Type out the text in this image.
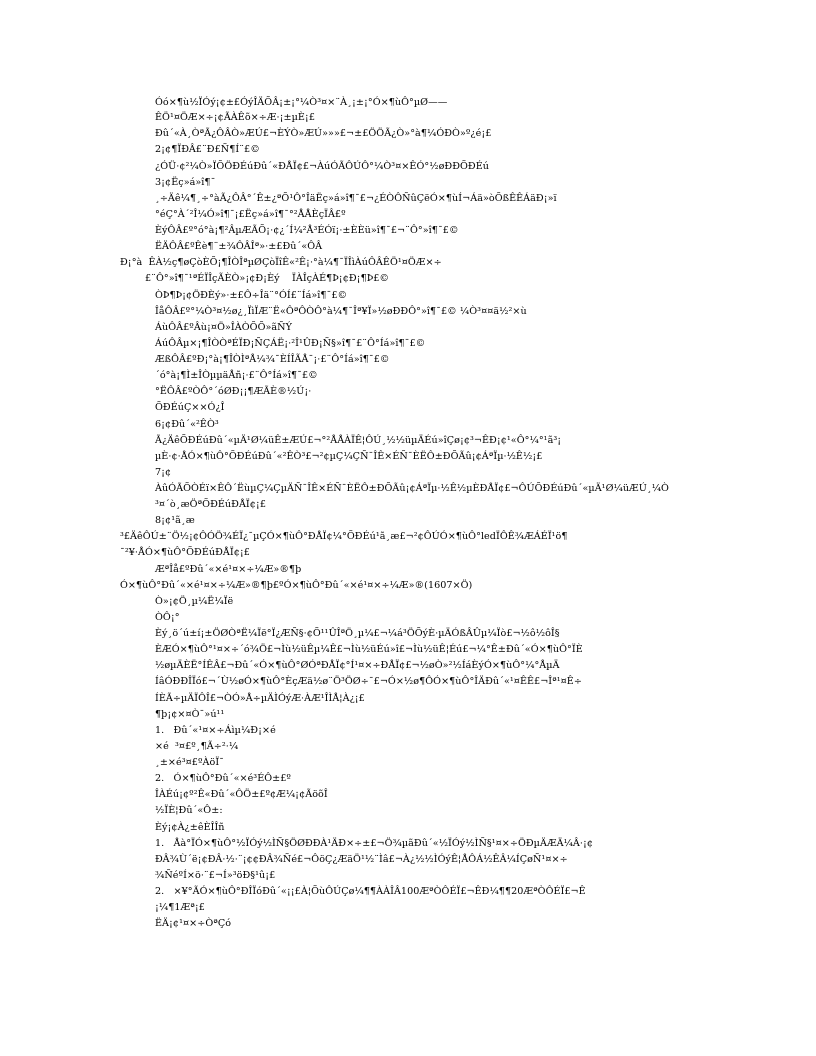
Óó×¶ù½ÏÓý¡¢±£ÓýÎÄÕÂ¡±¡°¼Ò³¤×¨À¸¡±¡°Ó×¶ùÔ°µØ——

ÊÖ¹¤ÖÆ×÷¡¢ÃÀÊõ×÷Æ·¡±µÈ¡£

Ðû´«À¸ÒªÃ¿ÔÂÒ»ÆÚ£¬ÈÝÒ»ÆÚ»»»£¬±£ÖÖÃ¿Ò»°à¶¼ÓÐÒ»º¿é¡£

2¡¢¶ÏÐÂ£¨Ð£Ñ¶Í¨£©

¿ÓÜ·¢²¼Ò»ÏÕÖÐÉúÐû´«ÐÅÏ¢£¬ÀúÓÃÔÚÔ°¼Ò³¤×ÊÓ°½øÐÐÕÐÉú

3¡¢Ëç»á»î¶¯

¸÷Äê¼¶¸÷°àÃ¿ÔÂ°´Ê±¿ªÕ¹Ô°ÎäËç»á»î¶¯£¬¿ÉÒÔÑûÇëÓ×¶ùÍ¬Áä»òÕßÊÊÁäÐ¡»ï

°éÇ°À´²Î¼Ó»î¶¯¡£Ëç»á»î¶¯°²ÅÅÈçÏÂ£º

ÈýÔÂ£º°ó°à¡¶²ÂµÆÃÕ¡·¢¿´Í¼²Å³ÉÓï¡·±ÈÈü»î¶¯£¬¨Ô°»î¶¯£©

ËÄÔÂ£ºÊè¶¨±¾ÔÂÎª»·±£Ðû´«ÔÂ

Ð¡°à  ÊÀ½ç¶øÇòÈÕ¡¶ÎÒÎªµØÇòÏîÊ«²Ê¡·°à¼¶¯ÏÎìÀúÔÂÊÖ¹¤ÖÆ×÷

£¨Ô°»î¶¯¹ªÉÏÎçÃÈÒ»¡¢Ð¡Èý    ÏÀÎçÀÉ¶Þ¡¢Ð¡¶Þ£©

ÒÞ¶Þ¡¢ÖÐÈý»·±£Ô÷Îä¨°ÓÍ£¨Íá»î¶¯£©

ÎåÔÂ£º°¼Ò³¤½ø¿¸ÏìÏÆ¨Ë«ÔªÔÒÔ°à¼¶¯Îª¥Ï»½øÐÐÔ°»î¶¯£© ¼Ò³¤¤ä½²×ù

ÁùÔÂ£ºÂù¡¤Ö»ÎÀÒÕÕ»ãÑÝ

ÁúÔÂµ×¡¶ÎÒÒªÉÏÐ¡ÑÇÁË¡·²Î¹ÛÐ¡Ñ§»î¶¯£¨Ô°Íá»î¶¯£©

ÆßÔÂ£ºÐ¡°à¡¶ÎÒÌªÅ¼¾¯ÈÍÎÃÅ¯¡·£¨Ô°Íá»î¶¯£©

´ó°à¡¶Ì±ÎÒµµäÅñ¡·£¨Ô°Íá»î¶¯£©

°ËÔÂ£ºÒÔ°´óØÐ¡¡¶ÆÃÈ®½Ú¡·

ÕÐÉúÇ××Ó¿Î

6¡¢Ðû´«²ÊÒ³

Ã¿ÄêÕÐÉúÐû´«µÄ¹Ø¼üÊ±ÆÚ£¬°²ÅÅÀÏÊ¦ÔÚ¸½½üµÄÉú»îÇø¡¢³¬ÊÐ¡¢¹«Ô°¼°¹ã³¡

µÈ·¢·ÅÓ×¶ùÔ°ÕÐÉúÐû´«²ÊÒ³£¬²¢µÇ¼ÇÑ¯ÎÊ×ÉÑ¯ÈËÔ±ÐÕÃû¡¢ÁªÏµ·½Ê½¡£

7¡¢

ÀûÓÃÕÒÉï×ÊÔ´ËùµÇ¼ÇµÄÑ¯ÎÊ×ÉÑ¯ÈËÔ±ÐÕÃû¡¢ÁªÏµ·½Ê½µÈÐÅÏ¢£¬ÔÚÕÐÉúÐû´«µÄ¹Ø¼üÆÚ¸¼Ò

³¤´ò¸æÖªÕÐÉúÐÅÏ¢¡£

8¡¢¹ã¸æ

³£ÄêÔÚ±¨Ö½¡¢ÔÓÖ¾ÉÏ¿¯µÇÓ×¶ùÔ°ÐÅÏ¢¼°ÕÐÉú¹ã¸æ£¬²¢ÔÚÓ×¶ùÔ°ledÏÔÊ¾ÆÁÉÏ¹ö¶

¯²¥·ÅÓ×¶ùÔ°ÕÐÉúÐÅÏ¢¡£

ÆªÎå£ºÐû´«×é¹¤×÷¼Æ»®¶þ

Ó×¶ùÔ°Ðû´«×é¹¤×÷¼Æ»®¶þ£ºÓ×¶ùÔ°Ðû´«×é¹¤×÷¼Æ»®(1607×Ö)

Ò»¡¢Ö¸µ¼Ë¼Ïë

ÒÔ¡°

Èý¸ö´ú±í¡±ÖØÒªË¼Ïë°Ï¿ÆÑ§·¢Õ¹¹ÛÎªÖ¸µ¼£¬¼á³ÖÕýÈ·µÄÓßÂÛµ¼Ïò£¬½ô½ôÎ§

ÈÆÓ×¶ùÔ°¹¤×÷´ó¾Ö£¬Ìù½üÊµ¼Ê£¬Ìù½üÉú»î£¬Ìù½üÊ¦Éú£¬¼°Ê±Ðû´«Ó×¶ùÔ°ÏÈ

½øµÄÈË°ÍÊÂ£¬Ðû´«Ó×¶ùÔ°ØÓªÐÅÏ¢°Í¹¤×÷ÐÅÏ¢£¬½øÒ»²½ÍáÈýÓ×¶ùÔ°¼°ÅµÄ

ÍâÓÐÐÎÏó£¬´Ù½øÓ×¶ùÔ°ÈçÆä½ø¨Ö³ÖØ÷¯£¬Ó×½ø¶ÔÓ×¶ùÔ°ÎÄÐû´«¹¤ÊÊ£¬Îª¹¤Ê÷

ÍÈÃ÷µÄÏÔÎ£¬ÒÓ»Å÷µÄÌÓýÆ·ÀÆ¹ÎÌÅ¦À¿¡£

¶þ¡¢×¤Ò¯»ú¹¹

1.   Ðû´«¹¤×÷Áìµ¼Ð¡×é

×é  ³¤£º¸¶Ã÷²·¼

¸±×é³¤£ºÀöÏ¯

2.   Ó×¶ùÔ°Ðû´«×é³ÉÔ±£º

ÎÀÉú¡¢º²Ê«Ðû´«ÔÖ±£º¢Æ¼¡¢ÃöõÎ

½ÏÈ¦Ðû´«Ô±:

Èý¡¢À¿±êÈÎÎñ

1.   Åà°ÏÓ×¶ùÔ°½ÏÓý½ÌÑ§ÖØÐÐÀ¹ÄÐ×÷±£¬Ö¾µãÐû´«½ÏÓý½ÌÑ§¹¤×÷ÖÐµÄÆÄ¼Â·¡¢

ÐÂ¾Ù´ë¡¢ÐÂ·½·¨¡¢¢ÐÂ¾Ñé£¬ÔöÇ¿ÆäÖ¹½¨Ìâ£¬À¿½½ÌÓýÊ¦ÅÔÁ½ÊÂ¼ÍÇøÑ¹¤×÷

¾ÑéºÍ×ö·¨£¬Í»³öÐ§¹û¡£

2.   ×¥°ÃÓ×¶ùÔ°ÐÎÏóÐû´«¡¡£À¦ÕùÔÚÇø¼¶¶ÀÀÎÂ100ÆªÒÔÉÏ£¬ÊÐ¼¶¶20ÆªÒÔÉÏ£¬Ê

¡¼¶1Æª¡£

ËÄ¡¢¹¤×÷ÒªÇó
